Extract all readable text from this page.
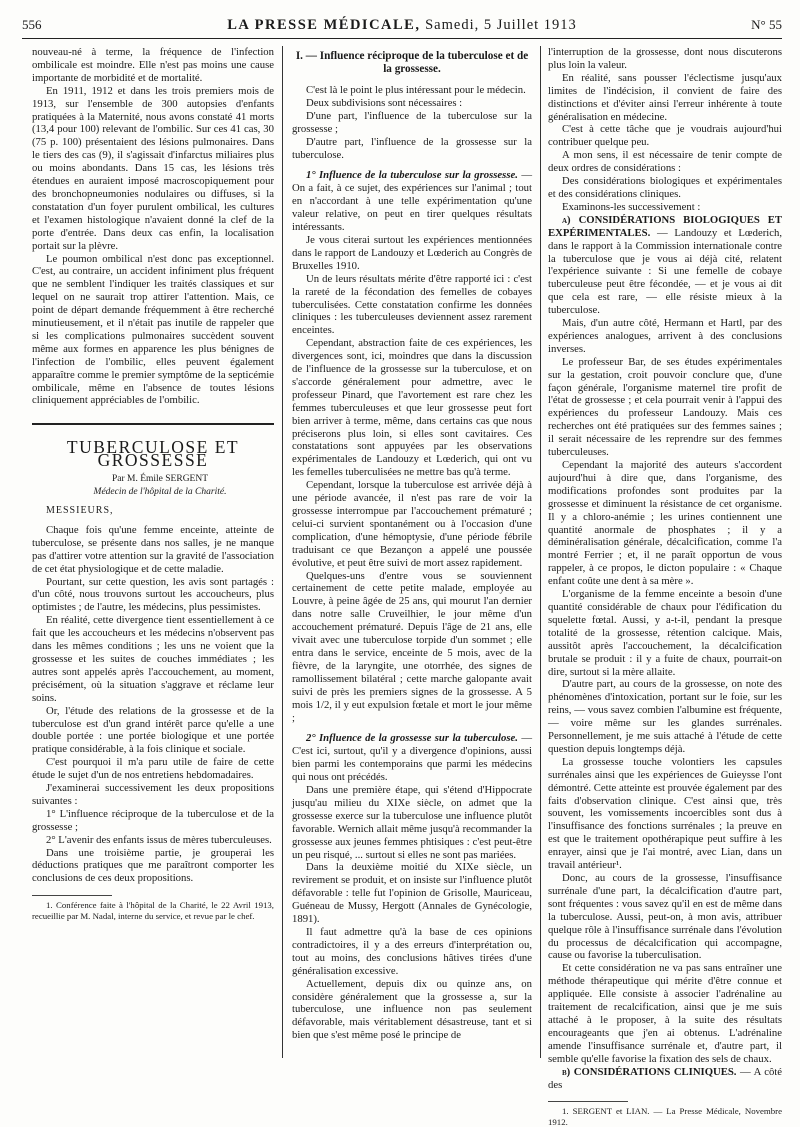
556	LA PRESSE MÉDICALE, Samedi, 5 Juillet 1913	N° 55

nouveau-né à terme, la fréquence de l'infection ombilicale est moindre. Elle n'est pas moins une cause importante de morbidité et de mortalité.

En 1911, 1912 et dans les trois premiers mois de 1913, sur l'ensemble de 300 autopsies d'enfants pratiquées à la Maternité, nous avons constaté 41 morts (13,4 pour 100) relevant de l'ombilic. Sur ces 41 cas, 30 (75 p. 100) présentaient des lésions pulmonaires. Dans le tiers des cas (9), il s'agissait d'infarctus miliaires plus ou moins abondants. Dans 15 cas, les lésions très étendues en auraient imposé macroscopiquement pour des bronchopneumonies nodulaires ou diffuses, si la constatation d'un foyer purulent ombilical, les cultures et l'examen histologique n'avaient donné la clef de la porte d'entrée. Dans deux cas enfin, la localisation portait sur la plèvre.

Le poumon ombilical n'est donc pas exceptionnel. C'est, au contraire, un accident infiniment plus fréquent que ne semblent l'indiquer les traités classiques et sur lequel on ne saurait trop attirer l'attention. Mais, ce point de départ demande fréquemment à être recherché minutieusement, et il n'était pas inutile de rappeler que si les complications pulmonaires succèdent souvent même aux formes en apparence les plus bénignes de l'infection de l'ombilic, elles peuvent également apparaître comme le premier symptôme de la septicémie ombilicale, même en l'absence de toutes lésions cliniquement appréciables de l'ombilic.

TUBERCULOSE ET GROSSESSE

Par M. Émile SERGENT

Médecin de l'hôpital de la Charité.

MESSIEURS,

Chaque fois qu'une femme enceinte, atteinte de tuberculose, se présente dans nos salles, je ne manque pas d'attirer votre attention sur la gravité de l'association de cet état physiologique et de cette maladie.

Pourtant, sur cette question, les avis sont partagés : d'un côté, nous trouvons surtout les accoucheurs, plus optimistes ; de l'autre, les médecins, plus pessimistes.

En réalité, cette divergence tient essentiellement à ce fait que les accoucheurs et les médecins n'observent pas dans les mêmes conditions ; les uns ne voient que la grossesse et les suites de couches immédiates ; les autres sont appelés après l'accouchement, au moment, précisément, où la situation s'aggrave et réclame leur soins.

Or, l'étude des relations de la grossesse et de la tuberculose est d'un grand intérêt parce qu'elle a une double portée : une portée biologique et une portée pratique considérable, à la fois clinique et sociale.

C'est pourquoi il m'a paru utile de faire de cette étude le sujet d'un de nos entretiens hebdomadaires.

J'examinerai successivement les deux propositions suivantes :

1° L'influence réciproque de la tuberculose et de la grossesse ;

2° L'avenir des enfants issus de mères tuberculeuses.

Dans une troisième partie, je grouperai les déductions pratiques que me paraîtront comporter les conclusions de ces deux propositions.

1. Conférence faite à l'hôpital de la Charité, le 22 Avril 1913, recueillie par M. Nadal, interne du service, et revue par le chef.

I. — Influence réciproque de la tuberculose et de la grossesse.

C'est là le point le plus intéressant pour le médecin.

Deux subdivisions sont nécessaires :

D'une part, l'influence de la tuberculose sur la grossesse ;

D'autre part, l'influence de la grossesse sur la tuberculose.

1° Influence de la tuberculose sur la grossesse. — On a fait, à ce sujet, des expériences sur l'animal ; tout en n'accordant à une telle expérimentation qu'une valeur relative, on peut en tirer quelques résultats intéressants.

Je vous citerai surtout les expériences mentionnées dans le rapport de Landouzy et Lœderich au Congrès de Bruxelles 1910.

Un de leurs résultats mérite d'être rapporté ici : c'est la rareté de la fécondation des femelles de cobayes tuberculisées. Cette constatation confirme les données cliniques : les tuberculeuses deviennent assez rarement enceintes.

Cependant, abstraction faite de ces expériences, les divergences sont, ici, moindres que dans la discussion de l'influence de la grossesse sur la tuberculose, et on s'accorde généralement pour admettre, avec le professeur Pinard, que l'avortement est rare chez les femmes tuberculeuses et que leur grossesse peut fort bien arriver à terme, même, dans certains cas que nous préciserons plus loin, si elles sont cavitaires. Ces constatations sont appuyées par les observations expérimentales de Landouzy et Lœderich, qui ont vu les femelles tuberculisées ne mettre bas qu'à terme.

Cependant, lorsque la tuberculose est arrivée déjà à une période avancée, il n'est pas rare de voir la grossesse interrompue par l'accouchement prématuré ; celui-ci survient spontanément ou à l'occasion d'une complication, d'une hémoptysie, d'une période fébrile traduisant ce que Bezançon a appelé une poussée évolutive, et peut être suivi de mort assez rapidement.

Quelques-uns d'entre vous se souviennent certainement de cette petite malade, employée au Louvre, à peine âgée de 25 ans, qui mourut l'an dernier dans notre salle Cruveilhier, le jour même d'un accouchement prématuré. Depuis l'âge de 21 ans, elle vivait avec une tuberculose torpide d'un sommet ; elle entra dans le service, enceinte de 5 mois, avec de la fièvre, de la laryngite, une otorrhée, des signes de ramollissement bilatéral ; cette marche galopante avait suivi de près les premiers signes de la grossesse. A 5 mois 1/2, il y eut expulsion fœtale et mort le jour même ;

2° Influence de la grossesse sur la tuberculose. — C'est ici, surtout, qu'il y a divergence d'opinions, aussi bien parmi les contemporains que parmi les médecins qui nous ont précédés.

Dans une première étape, qui s'étend d'Hippocrate jusqu'au milieu du XIXe siècle, on admet que la grossesse exerce sur la tuberculose une influence plutôt favorable. Wernich allait même jusqu'à recommander la grossesse aux jeunes femmes phtisiques : c'est peut-être un peu risqué, ... surtout si elles ne sont pas mariées.

Dans la deuxième moitié du XIXe siècle, un revirement se produit, et on insiste sur l'influence plutôt défavorable : telle fut l'opinion de Grisolle, Mauriceau, Guéneau de Mussy, Hergott (Annales de Gynécologie, 1891).

Il faut admettre qu'à la base de ces opinions contradictoires, il y a des erreurs d'interprétation ou, tout au moins, des conclusions hâtives tirées d'une généralisation excessive.

Actuellement, depuis dix ou quinze ans, on considère généralement que la grossesse a, sur la tuberculose, une influence non pas seulement défavorable, mais véritablement désastreuse, tant et si bien que s'est même posé le principe de

l'interruption de la grossesse, dont nous discuterons plus loin la valeur.

En réalité, sans pousser l'éclectisme jusqu'aux limites de l'indécision, il convient de faire des distinctions et d'éviter ainsi l'erreur inhérente à toute généralisation en médecine.

C'est à cette tâche que je voudrais aujourd'hui contribuer quelque peu.

A mon sens, il est nécessaire de tenir compte de deux ordres de considérations :

Des considérations biologiques et expérimentales et des considérations cliniques.

Examinons-les successivement :

a) CONSIDÉRATIONS BIOLOGIQUES ET EXPÉRIMENTALES. — Landouzy et Lœderich, dans le rapport à la Commission internationale contre la tuberculose que je vous ai déjà cité, relatent l'expérience suivante : Si une femelle de cobaye tuberculeuse peut être fécondée, — et je vous ai dit que cela est rare, — elle résiste mieux à la tuberculose.

Mais, d'un autre côté, Hermann et Hartl, par des expériences analogues, arrivent à des conclusions inverses.

Le professeur Bar, de ses études expérimentales sur la gestation, croit pouvoir conclure que, d'une façon générale, l'organisme maternel tire profit de l'état de grossesse ; et cela pourrait venir à l'appui des expériences du professeur Landouzy. Mais ces recherches ont été pratiquées sur des femmes saines ; il serait nécessaire de les reprendre sur des femmes tuberculeuses.

Cependant la majorité des auteurs s'accordent aujourd'hui à dire que, dans l'organisme, des modifications profondes sont produites par la grossesse et diminuent la résistance de cet organisme. Il y a chloro-anémie ; les urines contiennent une quantité anormale de phosphates ; il y a déminéralisation générale, décalcification, comme l'a montré Ferrier ; et, il ne paraît opportun de vous rappeler, à ce propos, le dicton populaire : « Chaque enfant coûte une dent à sa mère ».

L'organisme de la femme enceinte a besoin d'une quantité considérable de chaux pour l'édification du squelette fœtal. Aussi, y a-t-il, pendant la presque totalité de la grossesse, rétention calcique. Mais, aussitôt après l'accouchement, la décalcification brutale se produit : il y a fuite de chaux, pourrait-on dire, surtout si la mère allaite.

D'autre part, au cours de la grossesse, on note des phénomènes d'intoxication, portant sur le foie, sur les reins, — vous savez combien l'albumine est fréquente, — voire même sur les glandes surrénales. Personnellement, je me suis attaché à l'étude de cette question depuis longtemps déjà.

La grossesse touche volontiers les capsules surrénales ainsi que les expériences de Guieysse l'ont démontré. Cette atteinte est prouvée également par des faits d'observation clinique. C'est ainsi que, très souvent, les vomissements incoercibles sont dus à l'insuffisance des fonctions surrénales ; la preuve en est que le traitement opothérapique peut suffire à les enrayer, ainsi que je l'ai montré, avec Lian, dans un travail antérieur¹.

Donc, au cours de la grossesse, l'insuffisance surrénale d'une part, la décalcification d'autre part, sont fréquentes : vous savez qu'il en est de même dans la tuberculose. Aussi, peut-on, à mon avis, attribuer quelque rôle à l'insuffisance surrénale dans l'évolution du processus de décalcification qui accompagne, cause ou favorise la tuberculisation.

Et cette considération ne va pas sans entraîner une méthode thérapeutique qui mérite d'être connue et appliquée. Elle consiste à associer l'adrénaline au traitement de recalcification, ainsi que je me suis attaché à le proposer, à la suite des résultats encourageants que j'en ai obtenus. L'adrénaline amende l'insuffisance surrénale et, d'autre part, il semble qu'elle favorise la fixation des sels de chaux.

b) CONSIDÉRATIONS CLINIQUES. — A côté des

1. SERGENT et LIAN. — La Presse Médicale, Novembre 1912.
